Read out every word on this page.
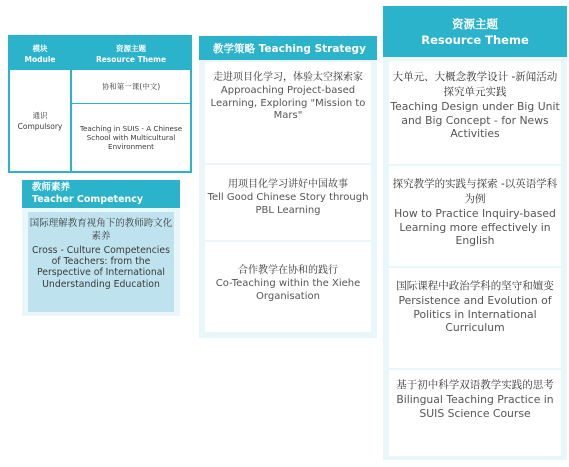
模块
Module
资源主题
Resource Theme
通识
Compulsory
协和第一课(中文)
Teaching in SUIS - A Chinese School with Multicultural Environment
教师素养
Teacher Competency
国际理解教育视角下的教师跨文化素养
Cross - Culture Competencies of Teachers: from the Perspective of International Understanding Education
教学策略 Teaching Strategy
走进项目化学习，体验太空探索家
Approaching Project-based Learning, Exploring "Mission to Mars"
用项目化学习讲好中国故事
Tell Good Chinese Story through PBL Learning
合作教学在协和的践行
Co-Teaching within the Xiehe Organisation
资源主题
Resource Theme
大单元、大概念教学设计 -新闻活动探究单元实践
Teaching Design under Big Unit and Big Concept - for News Activities
探究教学的实践与探索 -以英语学科为例
How to Practice Inquiry-based Learning more effectively in English
国际课程中政治学科的坚守和嬗变
Persistence and Evolution of Politics in International Curriculum
基于初中科学双语教学实践的思考
Bilingual Teaching Practice in SUIS Science Course
